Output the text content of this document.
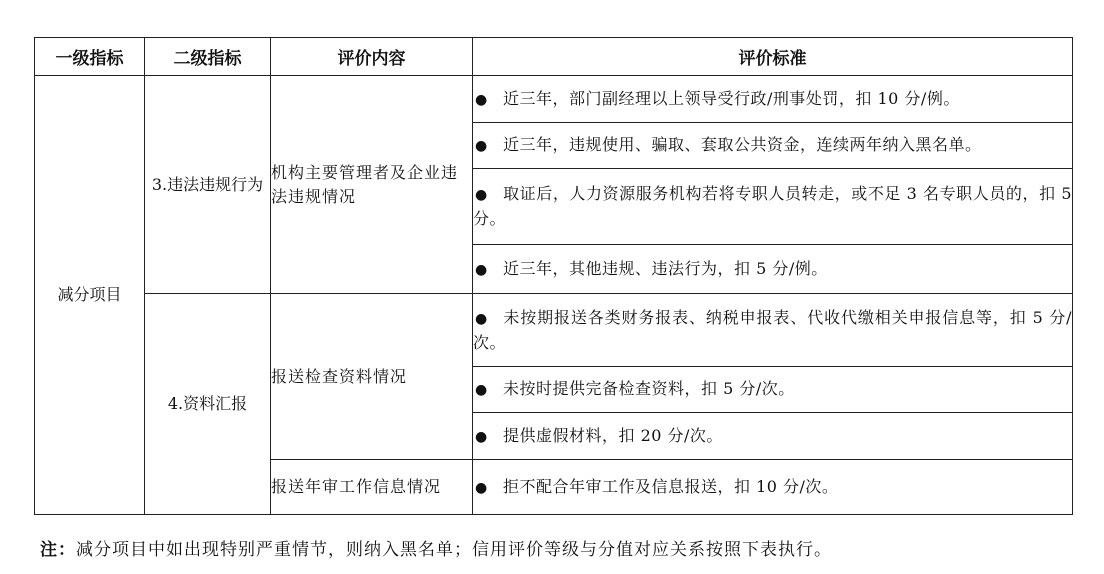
一级指标	二级指标	评价内容	评价标准
减分项目	3.违法违规行为	机构主要管理者及企业违法违规情况	● 近三年，部门副经理以上领导受行政/刑事处罚，扣 10 分/例。
			● 近三年，违规使用、骗取、套取公共资金，连续两年纳入黑名单。
			● 取证后，人力资源服务机构若将专职人员转走，或不足 3 名专职人员的，扣 5 分。
			● 近三年，其他违规、违法行为，扣 5 分/例。
	4.资料汇报	报送检查资料情况	● 未按期报送各类财务报表、纳税申报表、代收代缴相关申报信息等，扣 5 分/次。
			● 未按时提供完备检查资料，扣 5 分/次。
			● 提供虚假材料，扣 20 分/次。
		报送年审工作信息情况	● 拒不配合年审工作及信息报送，扣 10 分/次。
注：减分项目中如出现特别严重情节，则纳入黑名单；信用评价等级与分值对应关系按照下表执行。
